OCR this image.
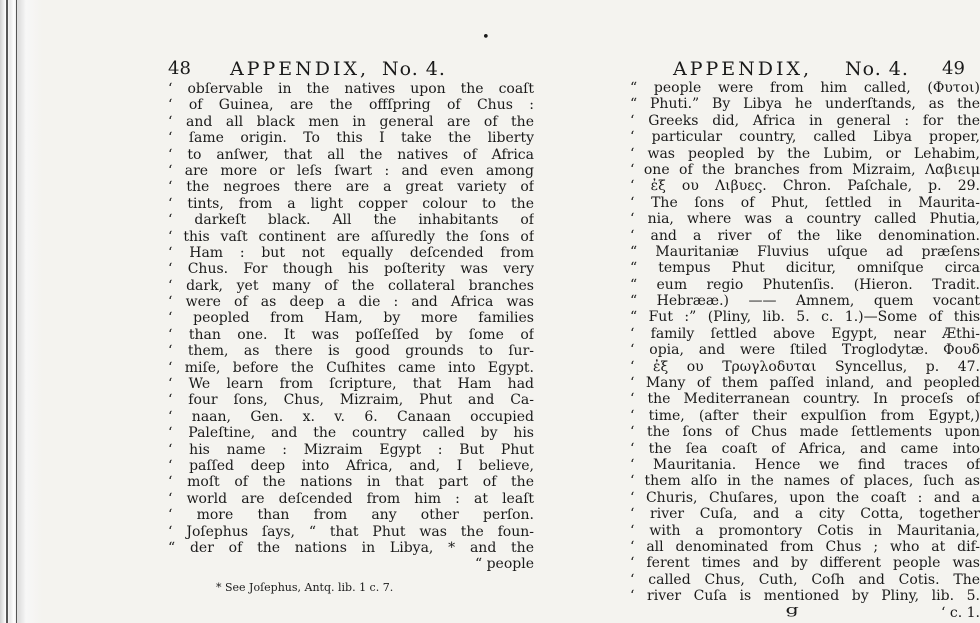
•
48 APPENDIX, No. 4.
‘ obſervable in the natives upon the coaſt
‘ of Guinea, are the offſpring of Chus :
‘ and all black men in general are of the
‘ ſame origin. To this I take the liberty
‘ to anſwer, that all the natives of Africa
‘ are more or leſs ſwart : and even among
‘ the negroes there are a great variety of
‘ tints, from a light copper colour to the
‘ darkeſt black. All the inhabitants of
‘ this vaſt continent are aſſuredly the ſons of
‘ Ham : but not equally deſcended from
‘ Chus. For though his poſterity was very
‘ dark, yet many of the collateral branches
‘ were of as deep a die : and Africa was
‘ peopled from Ham, by more families
‘ than one. It was poſſeſſed by ſome of
‘ them, as there is good grounds to ſur-
‘ miſe, before the Cuſhites came into Egypt.
‘ We learn from ſcripture, that Ham had
‘ four ſons, Chus, Mizraim, Phut and Ca-
‘ naan, Gen. x. v. 6. Canaan occupied
‘ Paleſtine, and the country called by his
‘ his name : Mizraim Egypt : But Phut
‘ paſſed deep into Africa, and, I believe,
‘ moſt of the nations in that part of the
‘ world are deſcended from him : at leaſt
‘ more than from any other perſon.
‘ Joſephus ſays, “ that Phut was the foun-
“ der of the nations in Libya, * and the
“ people
* See Joſephus, Antq. lib. 1 c. 7.
APPENDIX, No. 4. 49
“ people were from him called, (Φυτοι)
“ Phuti.” By Libya he underſtands, as the
‘ Greeks did, Africa in general : for the
‘ particular country, called Libya proper,
‘ was peopled by the Lubim, or Lehabim,
‘ one of the branches from Mizraim, Λαβιειμ
‘ ἐξ ου Λιβυες. Chron. Paſchale, p. 29.
‘ The ſons of Phut, ſettled in Maurita-
‘ nia, where was a country called Phutia,
‘ and a river of the like denomination.
“ Mauritaniæ Fluvius uſque ad præſens
“ tempus Phut dicitur, omniſque circa
“ eum regio Phutenſis. (Hieron. Tradit.
“ Hebrææ.) —— Amnem, quem vocant
“ Fut :” (Pliny, lib. 5. c. 1.)—Some of this
‘ family ſettled above Egypt, near Æthi-
‘ opia, and were ſtiled Troglodytæ. Φουδ
‘ ἐξ ου Τρωγλοδυται Syncellus, p. 47.
‘ Many of them paſſed inland, and peopled
‘ the Mediterranean country. In proceſs of
‘ time, (after their expulſion from Egypt,)
‘ the ſons of Chus made ſettlements upon
‘ the ſea coaſt of Africa, and came into
‘ Mauritania. Hence we find traces of
‘ them alſo in the names of places, ſuch as
‘ Churis, Chuſares, upon the coaſt : and a
‘ river Cuſa, and a city Cotta, together
‘ with a promontory Cotis in Mauritania,
‘ all denominated from Chus ; who at dif-
‘ ferent times and by different people was
‘ called Chus, Cuth, Coſh and Cotis. The
‘ river Cuſa is mentioned by Pliny, lib. 5.
‘ c. 1.
g
